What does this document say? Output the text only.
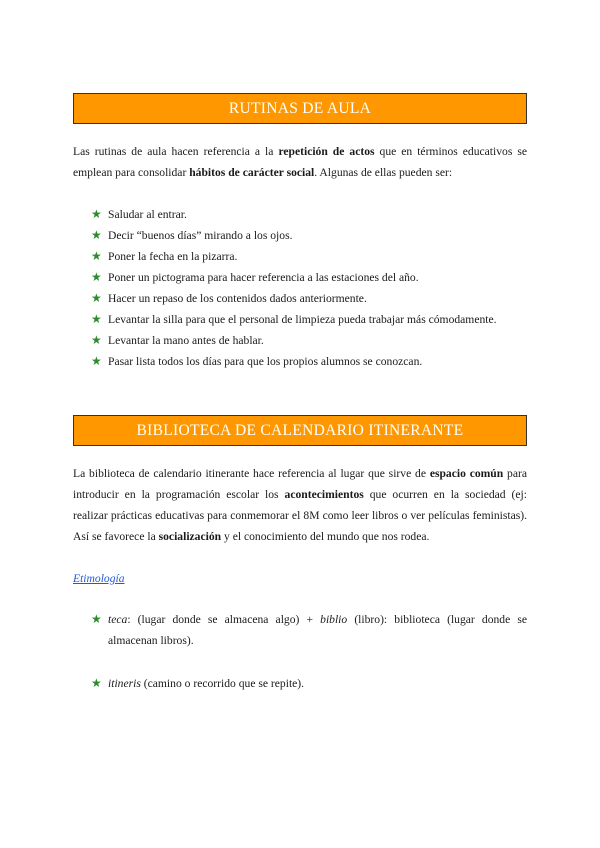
RUTINAS DE AULA

Las rutinas de aula hacen referencia a la repetición de actos que en términos educativos se emplean para consolidar hábitos de carácter social. Algunas de ellas pueden ser:

★ Saludar al entrar.
★ Decir “buenos días” mirando a los ojos.
★ Poner la fecha en la pizarra.
★ Poner un pictograma para hacer referencia a las estaciones del año.
★ Hacer un repaso de los contenidos dados anteriormente.
★ Levantar la silla para que el personal de limpieza pueda trabajar más cómodamente.
★ Levantar la mano antes de hablar.
★ Pasar lista todos los días para que los propios alumnos se conozcan.
BIBLIOTECA DE CALENDARIO ITINERANTE

La biblioteca de calendario itinerante hace referencia al lugar que sirve de espacio común para introducir en la programación escolar los acontecimientos que ocurren en la sociedad (ej: realizar prácticas educativas para conmemorar el 8M como leer libros o ver películas feministas). Así se favorece la socialización y el conocimiento del mundo que nos rodea.

Etimología
★ teca: (lugar donde se almacena algo) + biblio (libro): biblioteca (lugar donde se almacenan libros).
★ itineris (camino o recorrido que se repite).
